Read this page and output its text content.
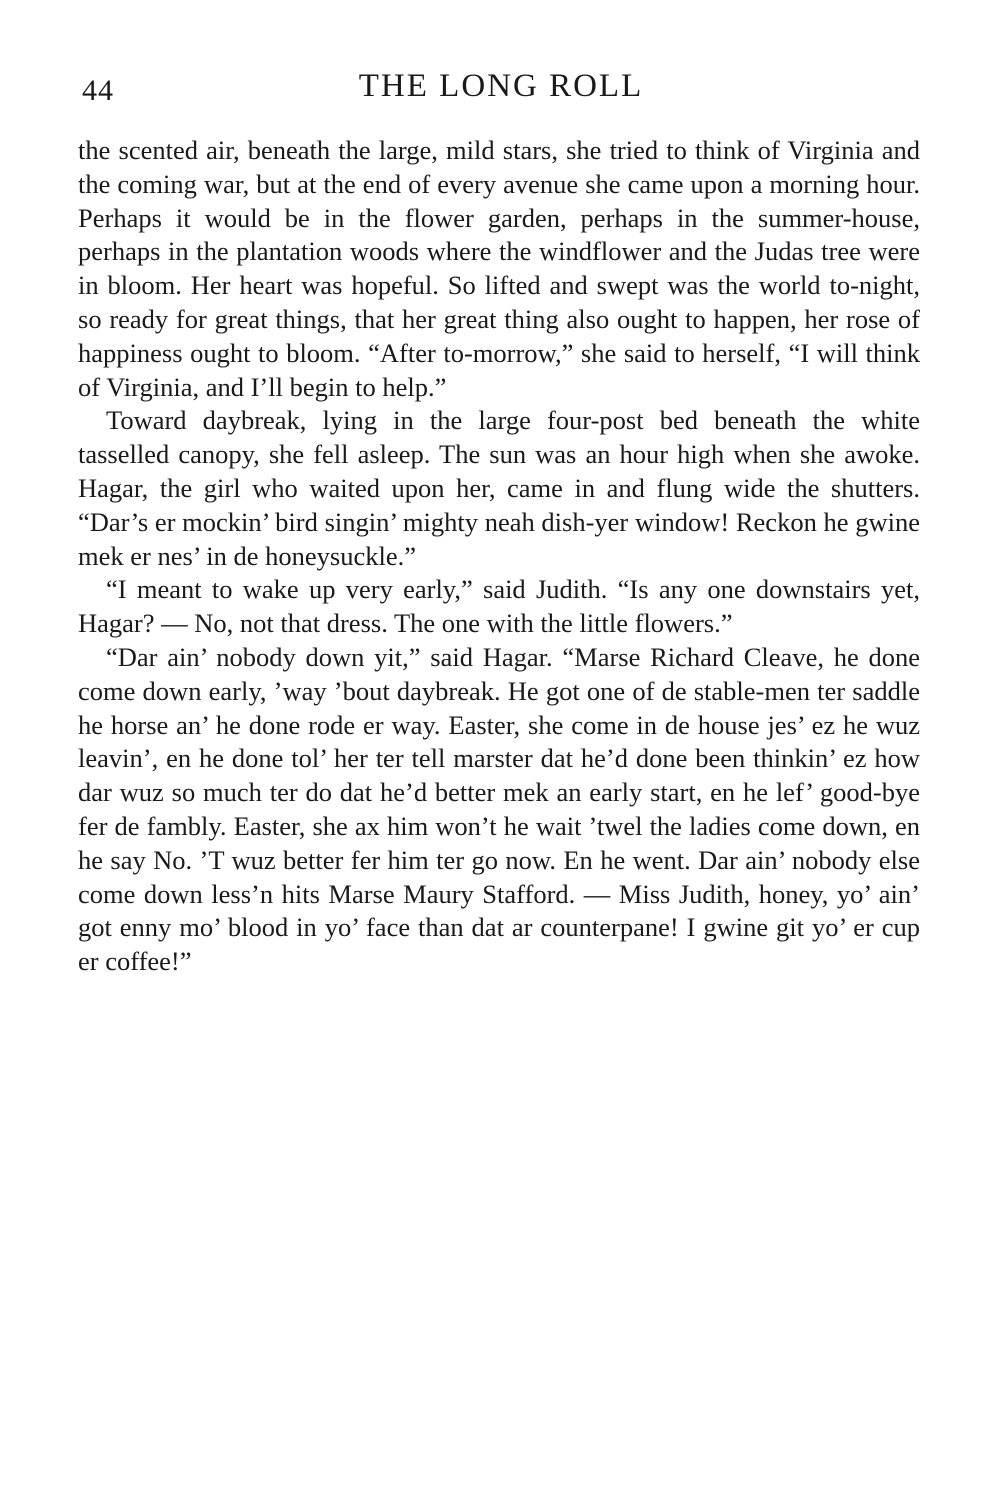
44	THE LONG ROLL

the scented air, beneath the large, mild stars, she tried to think of Virginia and the coming war, but at the end of every avenue she came upon a morning hour. Perhaps it would be in the flower garden, perhaps in the summer-house, perhaps in the plantation woods where the windflower and the Judas tree were in bloom. Her heart was hopeful. So lifted and swept was the world to-night, so ready for great things, that her great thing also ought to happen, her rose of happiness ought to bloom. “After to-morrow,” she said to herself, “I will think of Virginia, and I’ll begin to help.”

Toward daybreak, lying in the large four-post bed beneath the white tasselled canopy, she fell asleep. The sun was an hour high when she awoke. Hagar, the girl who waited upon her, came in and flung wide the shutters. “Dar’s er mockin’ bird singin’ mighty neah dish-yer window! Reckon he gwine mek er nes’ in de honeysuckle.”

“I meant to wake up very early,” said Judith. “Is any one downstairs yet, Hagar? — No, not that dress. The one with the little flowers.”

“Dar ain’ nobody down yit,” said Hagar. “Marse Richard Cleave, he done come down early, ’way ’bout daybreak. He got one of de stable-men ter saddle he horse an’ he done rode er way. Easter, she come in de house jes’ ez he wuz leavin’, en he done tol’ her ter tell marster dat he’d done been thinkin’ ez how dar wuz so much ter do dat he’d better mek an early start, en he lef’ good-bye fer de fambly. Easter, she ax him won’t he wait ’twel the ladies come down, en he say No. ’T wuz better fer him ter go now. En he went. Dar ain’ nobody else come down less’n hits Marse Maury Stafford. — Miss Judith, honey, yo’ ain’ got enny mo’ blood in yo’ face than dat ar counterpane! I gwine git yo’ er cup er coffee!”
